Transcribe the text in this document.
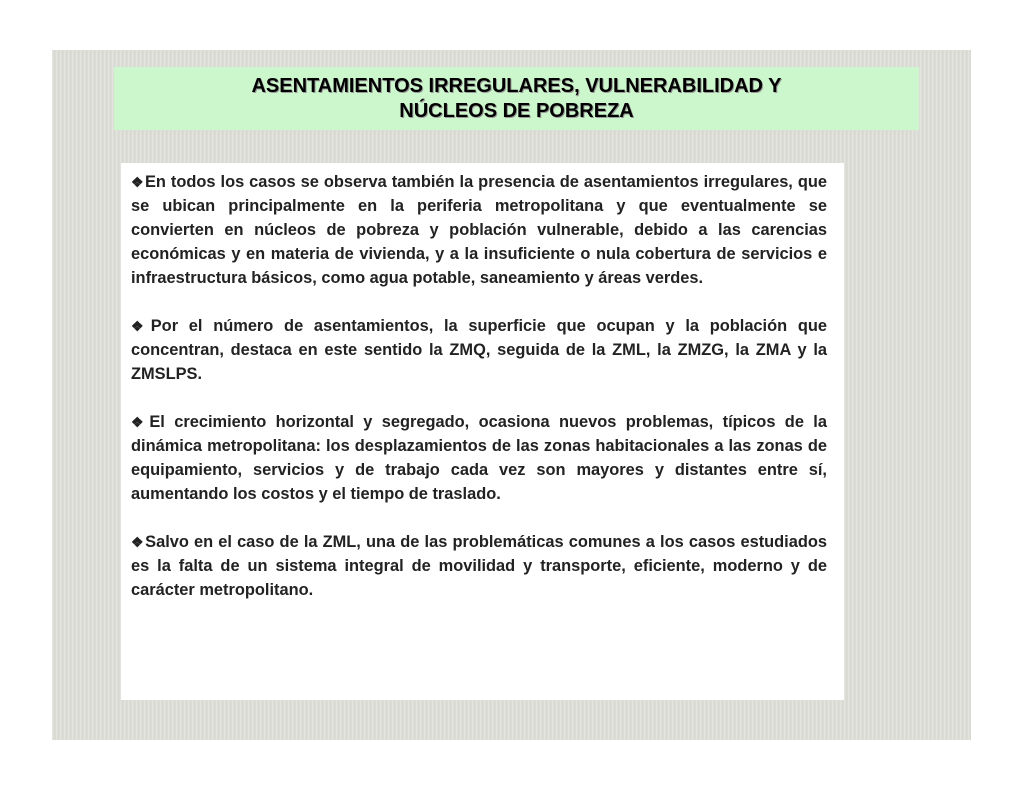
ASENTAMIENTOS IRREGULARES, VULNERABILIDAD Y
NÚCLEOS DE POBREZA

❖En todos los casos se observa también la presencia de asentamientos irregulares, que se ubican principalmente en la periferia metropolitana y que eventualmente se convierten en núcleos de pobreza y población vulnerable, debido a las carencias económicas y en materia de vivienda, y a la insuficiente o nula cobertura de servicios e infraestructura básicos, como agua potable, saneamiento y áreas verdes.

❖Por el número de asentamientos, la superficie que ocupan y la población que concentran, destaca en este sentido la ZMQ, seguida de la ZML, la ZMZG, la ZMA y la ZMSLPS.

❖El crecimiento horizontal y segregado, ocasiona nuevos problemas, típicos de la dinámica metropolitana: los desplazamientos de las zonas habitacionales a las zonas de equipamiento, servicios y de trabajo cada vez son mayores y distantes entre sí, aumentando los costos y el tiempo de traslado.

❖Salvo en el caso de la ZML, una de las problemáticas comunes a los casos estudiados es la falta de un sistema integral de movilidad y transporte, eficiente, moderno y de carácter metropolitano.
